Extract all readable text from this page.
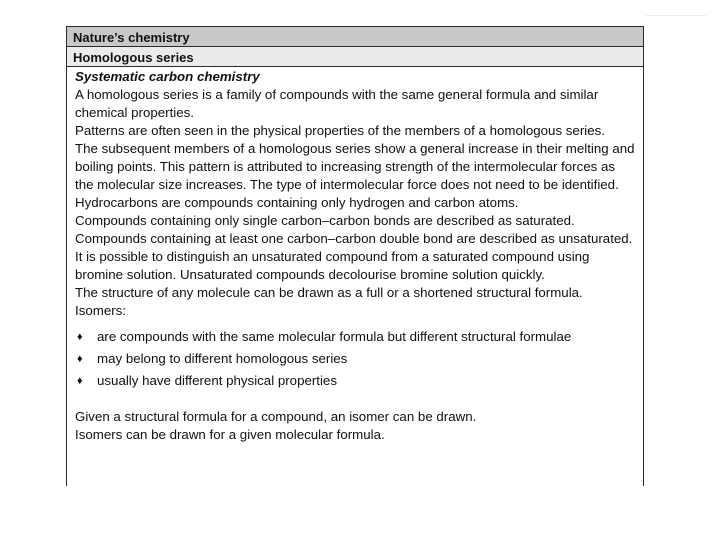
Nature’s chemistry
Homologous series

Systematic carbon chemistry

A homologous series is a family of compounds with the same general formula and similar chemical properties.

Patterns are often seen in the physical properties of the members of a homologous series.

The subsequent members of a homologous series show a general increase in their melting and boiling points. This pattern is attributed to increasing strength of the intermolecular forces as the molecular size increases. The type of intermolecular force does not need to be identified.

Hydrocarbons are compounds containing only hydrogen and carbon atoms.

Compounds containing only single carbon–carbon bonds are described as saturated.

Compounds containing at least one carbon–carbon double bond are described as unsaturated.

It is possible to distinguish an unsaturated compound from a saturated compound using bromine solution. Unsaturated compounds decolourise bromine solution quickly.

The structure of any molecule can be drawn as a full or a shortened structural formula.

Isomers:

♦ are compounds with the same molecular formula but different structural formulae
♦ may belong to different homologous series
♦ usually have different physical properties

Given a structural formula for a compound, an isomer can be drawn.

Isomers can be drawn for a given molecular formula.
